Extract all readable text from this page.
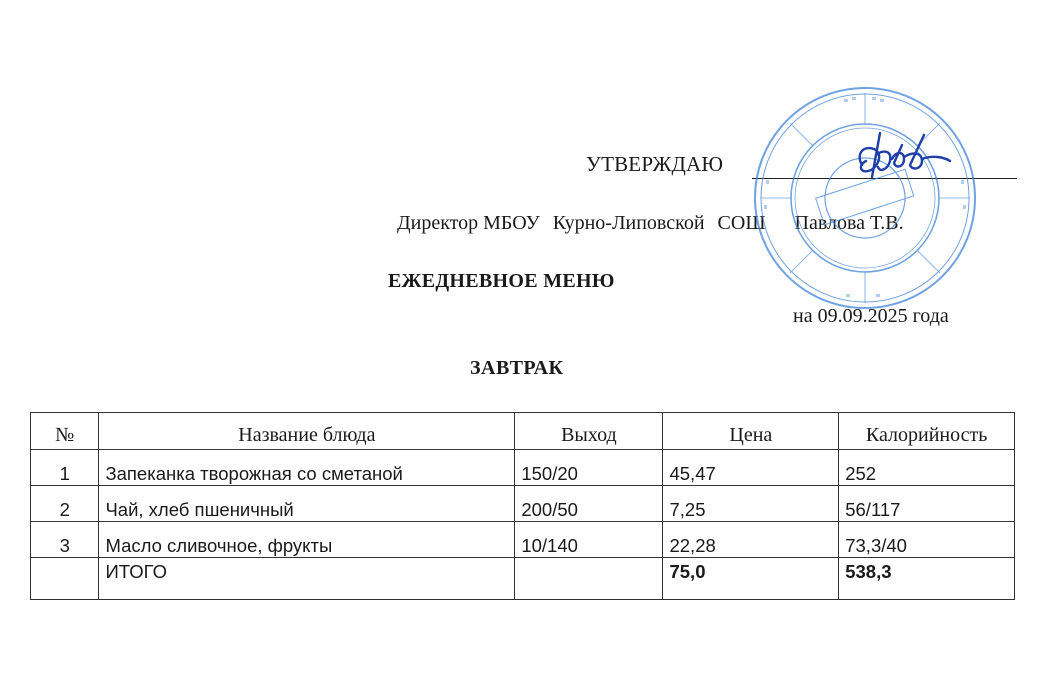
УТВЕРЖДАЮ
Директор МБОУ Курно-Липовской СОШ Павлова Т.В.
ЕЖЕДНЕВНОЕ МЕНЮ
на 09.09.2025 года
ЗАВТРАК
№	Название блюда	Выход	Цена	Калорийность
1	Запеканка творожная со сметаной	150/20	45,47	252
2	Чай, хлеб пшеничный	200/50	7,25	56/117
3	Масло сливочное, фрукты	10/140	22,28	73,3/40
	ИТОГО		75,0	538,3
